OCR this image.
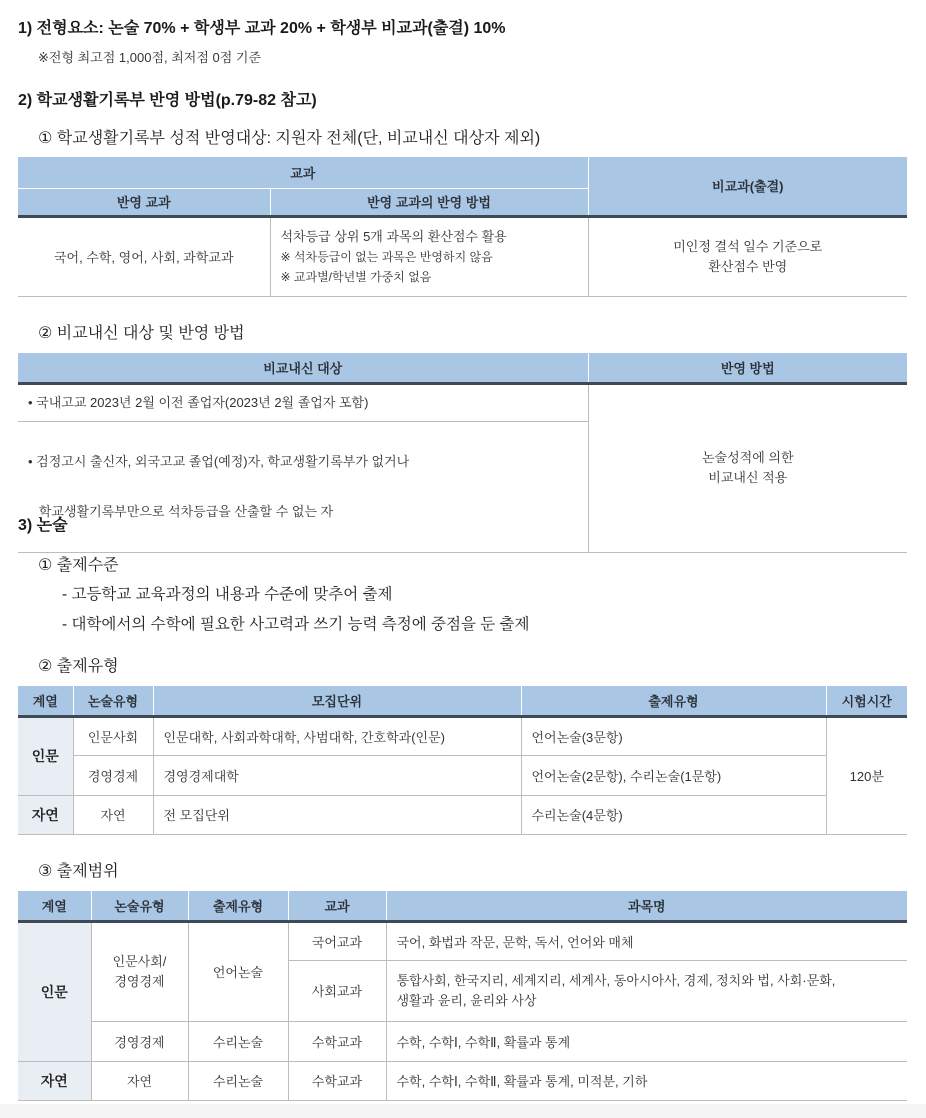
1) 전형요소: 논술 70% + 학생부 교과 20% + 학생부 비교과(출결) 10%
※전형 최고점 1,000점, 최저점 0점 기준
2) 학교생활기록부 반영 방법(p.79-82 참고)
① 학교생활기록부 성적 반영대상: 지원자 전체(단, 비교내신 대상자 제외)
교과		비교과(출결)
반영 교과	반영 교과의 반영 방법	
국어, 수학, 영어, 사회, 과학교과	석차등급 상위 5개 과목의 환산점수 활용
※ 석차등급이 없는 과목은 반영하지 않음
※ 교과별/학년별 가중치 없음	미인정 결석 일수 기준으로
환산점수 반영
② 비교내신 대상 및 반영 방법
비교내신 대상	반영 방법

• 국내고교 2023년 2월 이전 졸업자(2023년 2월 졸업자 포함)	논술성적에 의한
비교내신 적용

• 검정고시 출신자, 외국고교 졸업(예정)자, 학교생활기록부가 없거나

학교생활기록부만으로 석차등급을 산출할 수 없는 자	

3) 논술
① 출제수준
- 고등학교 교육과정의 내용과 수준에 맞추어 출제
- 대학에서의 수학에 필요한 사고력과 쓰기 능력 측정에 중점을 둔 출제
② 출제유형
계열	논술유형	모집단위	출제유형	시험시간
인문	인문사회	인문대학, 사회과학대학, 사범대학, 간호학과(인문)	언어논술(3문항)	120분
	경영경제	경영경제대학	언어논술(2문항), 수리논술(1문항)	
자연	자연	전 모집단위	수리논술(4문항)	
③ 출제범위
계열	논술유형	출제유형	교과	과목명
인문	인문사회/
경영경제	언어논술	국어교과	국어, 화법과 작문, 문학, 독서, 언어와 매체
			사회교과	통합사회, 한국지리, 세계지리, 세계사, 동아시아사, 경제, 정치와 법, 사회·문화,
생활과 윤리, 윤리와 사상

	경영경제	수리논술	수학교과	수학, 수학Ⅰ, 수학Ⅱ, 확률과 통계
자연	자연	수리논술	수학교과	수학, 수학Ⅰ, 수학Ⅱ, 확률과 통계, 미적분, 기하
